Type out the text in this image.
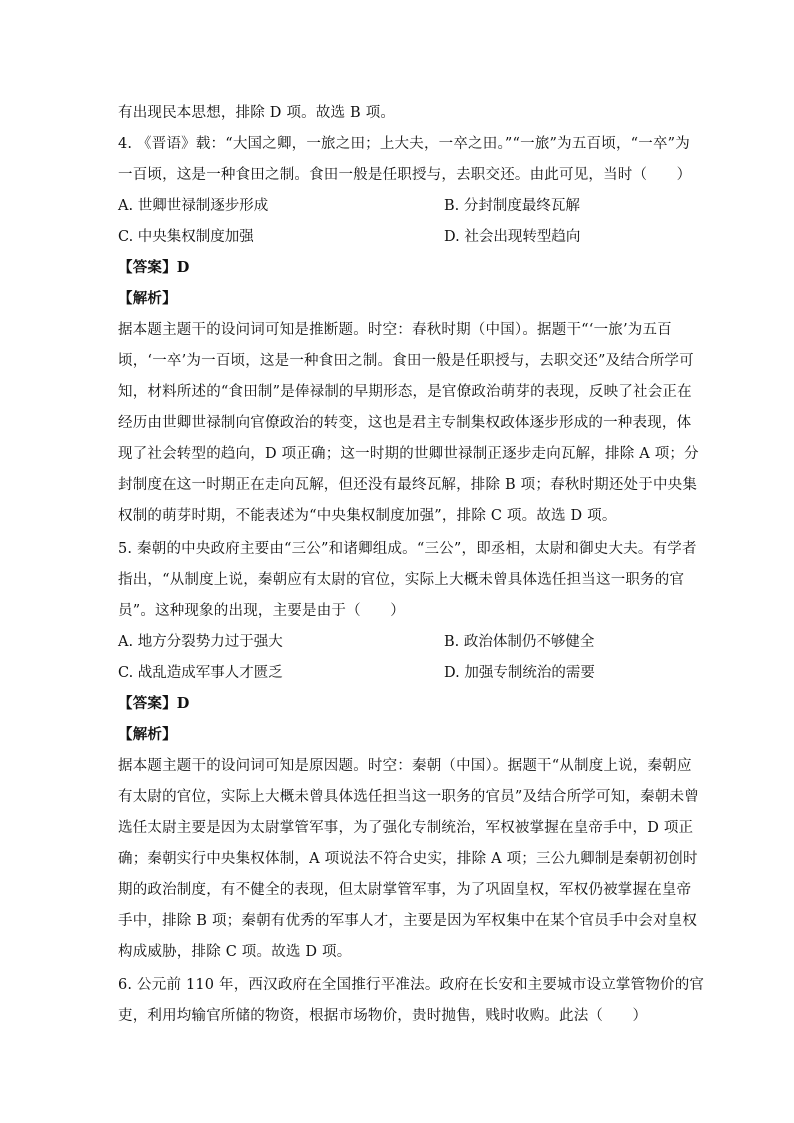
有出现民本思想，排除 D 项。故选 B 项。
4. 《晋语》载：“大国之卿，一旅之田；上大夫，一卒之田。”“一旅”为五百顷，“一卒”为
一百顷，这是一种食田之制。食田一般是任职授与，去职交还。由此可见，当时（　　）
A. 世卿世禄制逐步形成	B. 分封制度最终瓦解
C. 中央集权制度加强	D. 社会出现转型趋向
【答案】D
【解析】
据本题主题干的设问词可知是推断题。时空：春秋时期（中国）。据题干“‘一旅’为五百
顷，‘一卒’为一百顷，这是一种食田之制。食田一般是任职授与，去职交还”及结合所学可
知，材料所述的“食田制”是俸禄制的早期形态，是官僚政治萌芽的表现，反映了社会正在
经历由世卿世禄制向官僚政治的转变，这也是君主专制集权政体逐步形成的一种表现，体
现了社会转型的趋向，D 项正确；这一时期的世卿世禄制正逐步走向瓦解，排除 A 项；分
封制度在这一时期正在走向瓦解，但还没有最终瓦解，排除 B 项；春秋时期还处于中央集
权制的萌芽时期，不能表述为“中央集权制度加强”，排除 C 项。故选 D 项。
5. 秦朝的中央政府主要由“三公”和诸卿组成。“三公”，即丞相，太尉和御史大夫。有学者
指出，“从制度上说，秦朝应有太尉的官位，实际上大概未曾具体选任担当这一职务的官
员”。这种现象的出现，主要是由于（　　）
A. 地方分裂势力过于强大	B. 政治体制仍不够健全
C. 战乱造成军事人才匮乏	D. 加强专制统治的需要
【答案】D
【解析】
据本题主题干的设问词可知是原因题。时空：秦朝（中国）。据题干“从制度上说，秦朝应
有太尉的官位，实际上大概未曾具体选任担当这一职务的官员”及结合所学可知，秦朝未曾
选任太尉主要是因为太尉掌管军事，为了强化专制统治，军权被掌握在皇帝手中，D 项正
确；秦朝实行中央集权体制，A 项说法不符合史实，排除 A 项；三公九卿制是秦朝初创时
期的政治制度，有不健全的表现，但太尉掌管军事，为了巩固皇权，军权仍被掌握在皇帝
手中，排除 B 项；秦朝有优秀的军事人才，主要是因为军权集中在某个官员手中会对皇权
构成威胁，排除 C 项。故选 D 项。
6. 公元前 110 年，西汉政府在全国推行平准法。政府在长安和主要城市设立掌管物价的官
吏，利用均输官所储的物资，根据市场物价，贵时抛售，贱时收购。此法（　　）
